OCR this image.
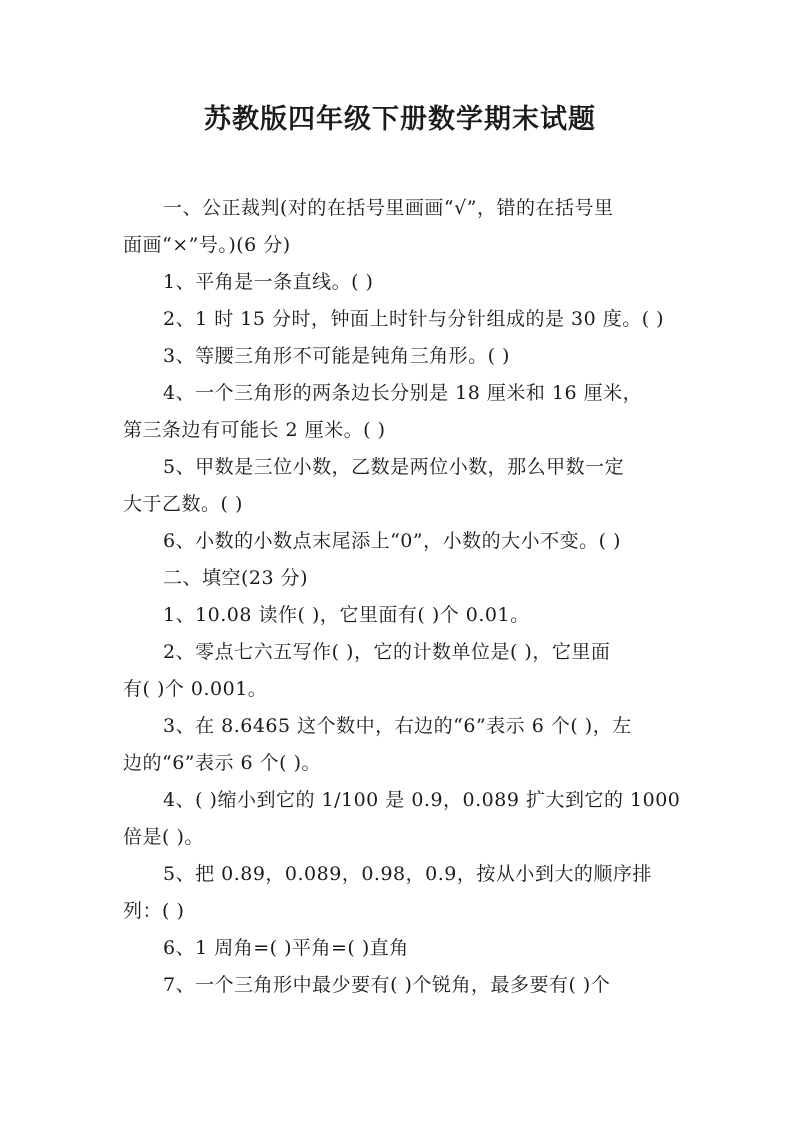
苏教版四年级下册数学期末试题

一、公正裁判(对的在括号里画画“√”，错的在括号里
面画“×”号。)(6 分)

1、平角是一条直线。( )

2、1 时 15 分时，钟面上时针与分针组成的是 30 度。( )

3、等腰三角形不可能是钝角三角形。( )

4、一个三角形的两条边长分别是 18 厘米和 16 厘米，
第三条边有可能长 2 厘米。( )

5、甲数是三位小数，乙数是两位小数，那么甲数一定
大于乙数。( )

6、小数的小数点末尾添上“0”，小数的大小不变。( )

二、填空(23 分)

1、10.08 读作( )，它里面有( )个 0.01。

2、零点七六五写作( )，它的计数单位是( )，它里面
有( )个 0.001。

3、在 8.6465 这个数中，右边的“6”表示 6 个( )，左
边的“6”表示 6 个( )。

4、( )缩小到它的 1/100 是 0.9，0.089 扩大到它的 1000
倍是( )。

5、把 0.89，0.089，0.98，0.9，按从小到大的顺序排
列：( )

6、1 周角=( )平角=( )直角

7、一个三角形中最少要有( )个锐角，最多要有( )个
